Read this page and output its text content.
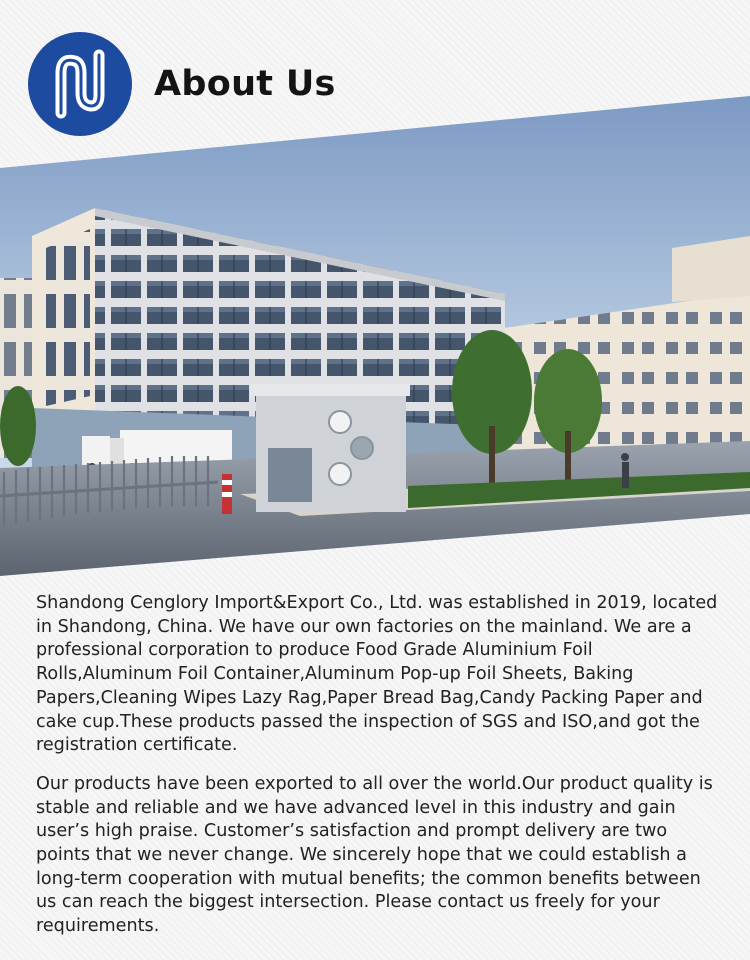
About Us

Shandong Cenglory Import&Export Co., Ltd. was established in 2019, located in Shandong, China. We have our own factories on the mainland. We are a professional corporation to produce Food Grade Aluminium Foil Rolls,Aluminum Foil Container,Aluminum Pop-up Foil Sheets, Baking Papers,Cleaning Wipes Lazy Rag,Paper Bread Bag,Candy Packing Paper and cake cup.These products passed the inspection of SGS and ISO,and got the registration certificate.

Our products have been exported to all over the world.Our product quality is stable and reliable and we have advanced level in this industry and gain user’s high praise. Customer’s satisfaction and prompt delivery are two points that we never change. We sincerely hope that we could establish a long-term cooperation with mutual benefits; the common benefits between us can reach the biggest intersection. Please contact us freely for your requirements.
